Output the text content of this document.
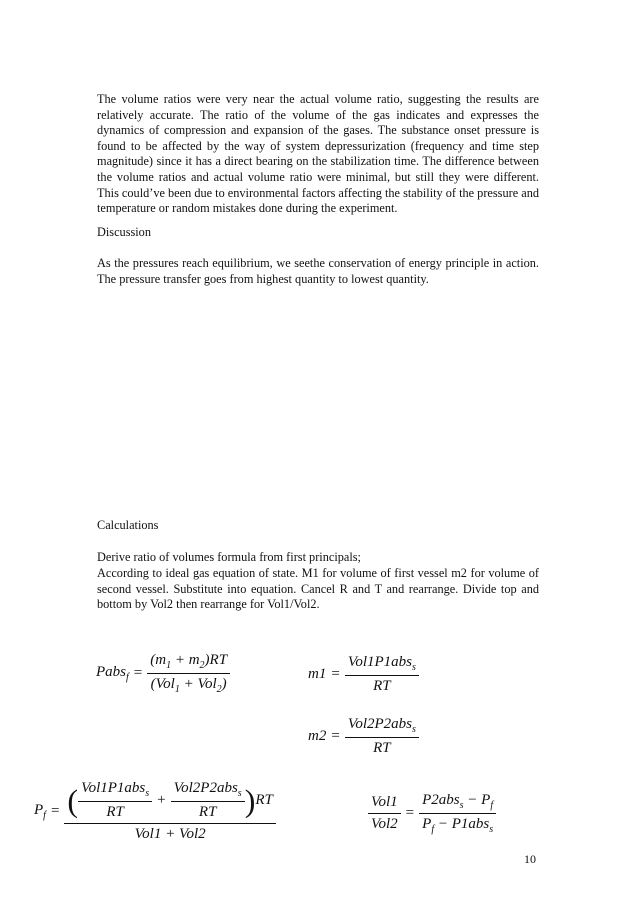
The volume ratios were very near the actual volume ratio, suggesting the results are relatively accurate. The ratio of the volume of the gas indicates and expresses the dynamics of compression and expansion of the gases. The substance onset pressure is found to be affected by the way of system depressurization (frequency and time step magnitude) since it has a direct bearing on the stabilization time. The difference between the volume ratios and actual volume ratio were minimal, but still they were different. This could’ve been due to environmental factors affecting the stability of the pressure and temperature or random mistakes done during the experiment.

Discussion

As the pressures reach equilibrium, we seethe conservation of energy principle in action. The pressure transfer goes from highest quantity to lowest quantity.

Calculations

Derive ratio of volumes formula from first principals;

According to ideal gas equation of state. M1 for volume of first vessel m2 for volume of second vessel. Substitute into equation. Cancel R and T and rearrange. Divide top and bottom by Vol2 then rearrange for Vol1/Vol2.

Pabs$_f$ = $\frac{(m_1 + m_2)RT}{(Vol_1 + Vol_2)}$	$m1 = \frac{Vol1P1abs_s}{RT}$
$m2 = \frac{Vol2P2abs_s}{RT}$
$P_f = \frac{( \frac{Vol1P1abs_s}{RT} + \frac{Vol2P2abs_s}{RT} )RT}{\text{Vol1 + Vol2}}$	$\frac{\text{Vol1}}{\text{Vol2}} = \frac{P2abs_s - P_f}{P_f - P1abs_s}$
10
